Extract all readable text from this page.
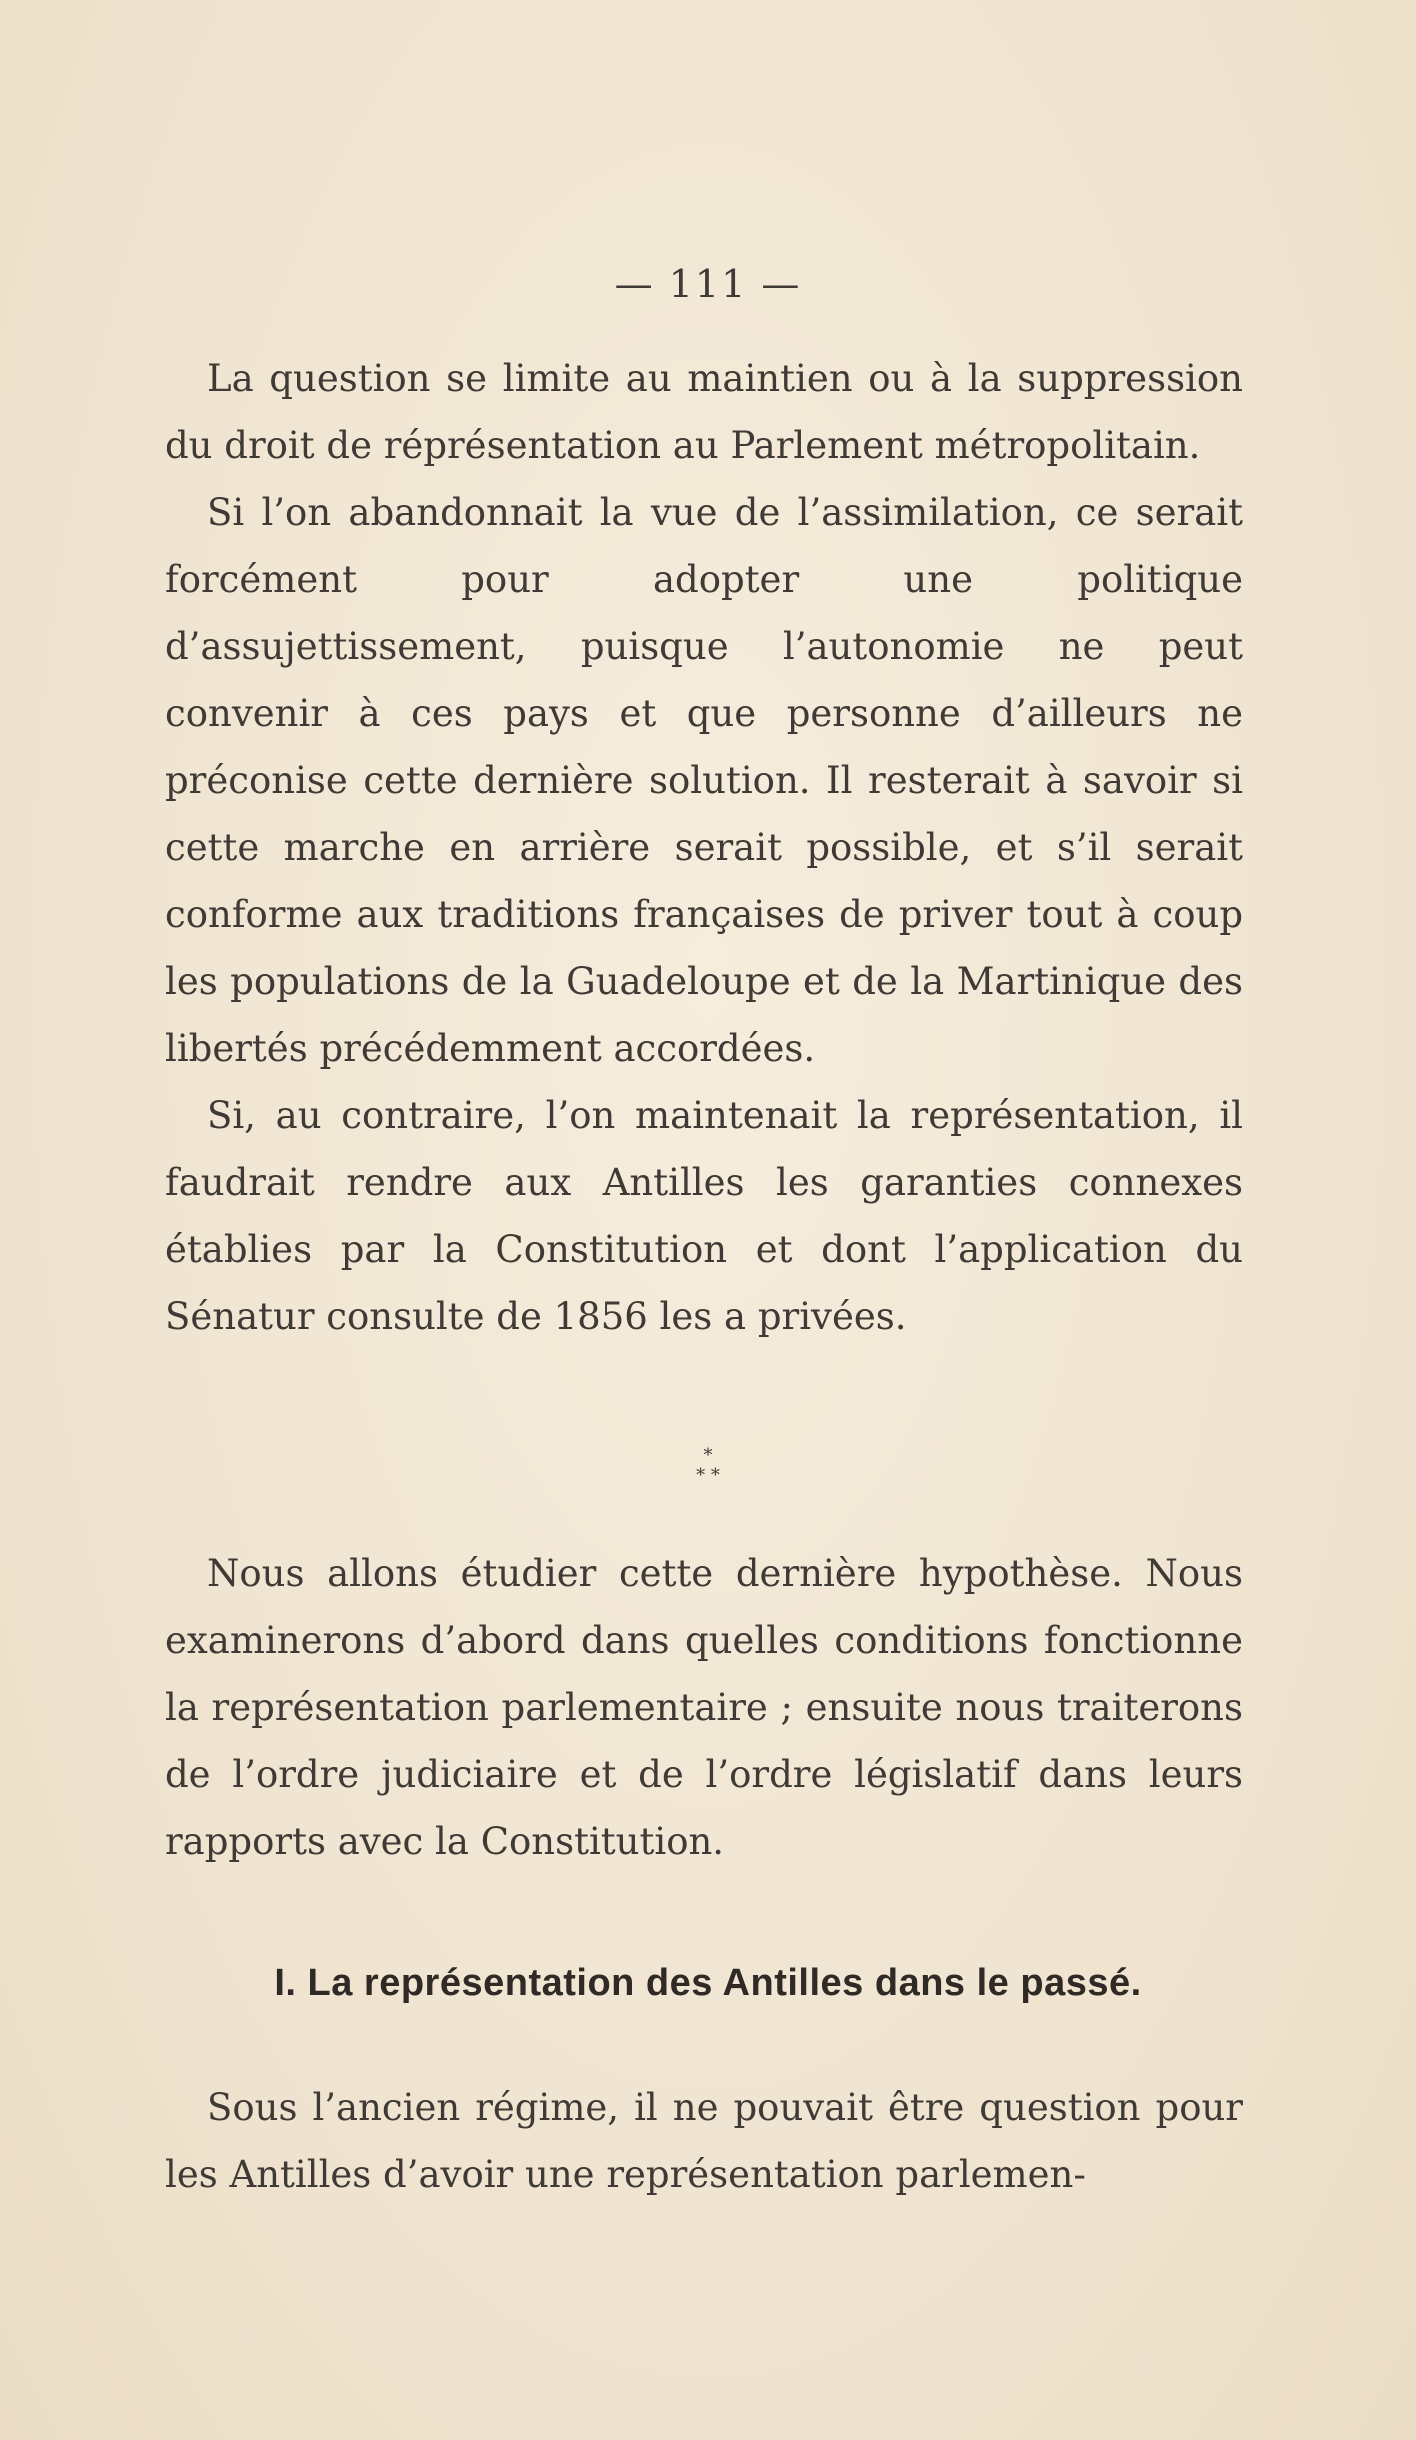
— 111 —

La question se limite au maintien ou à la suppression du droit de réprésentation au Parlement métropolitain.

Si l’on abandonnait la vue de l’assimilation, ce serait forcément pour adopter une politique d’assujettissement, puisque l’autonomie ne peut convenir à ces pays et que personne d’ailleurs ne préconise cette dernière solution. Il resterait à savoir si cette marche en arrière serait possible, et s’il serait conforme aux traditions françaises de priver tout à coup les populations de la Guadeloupe et de la Martinique des libertés précédemment accordées.

Si, au contraire, l’on maintenait la représentation, il faudrait rendre aux Antilles les garanties connexes établies par la Constitution et dont l’application du Sénatur consulte de 1856 les a privées.

*
* *

Nous allons étudier cette dernière hypothèse. Nous examinerons d’abord dans quelles conditions fonctionne la représentation parlementaire ; ensuite nous traiterons de l’ordre judiciaire et de l’ordre législatif dans leurs rapports avec la Constitution.

I. La représentation des Antilles dans le passé.

Sous l’ancien régime, il ne pouvait être question pour les Antilles d’avoir une représentation parlemen-
